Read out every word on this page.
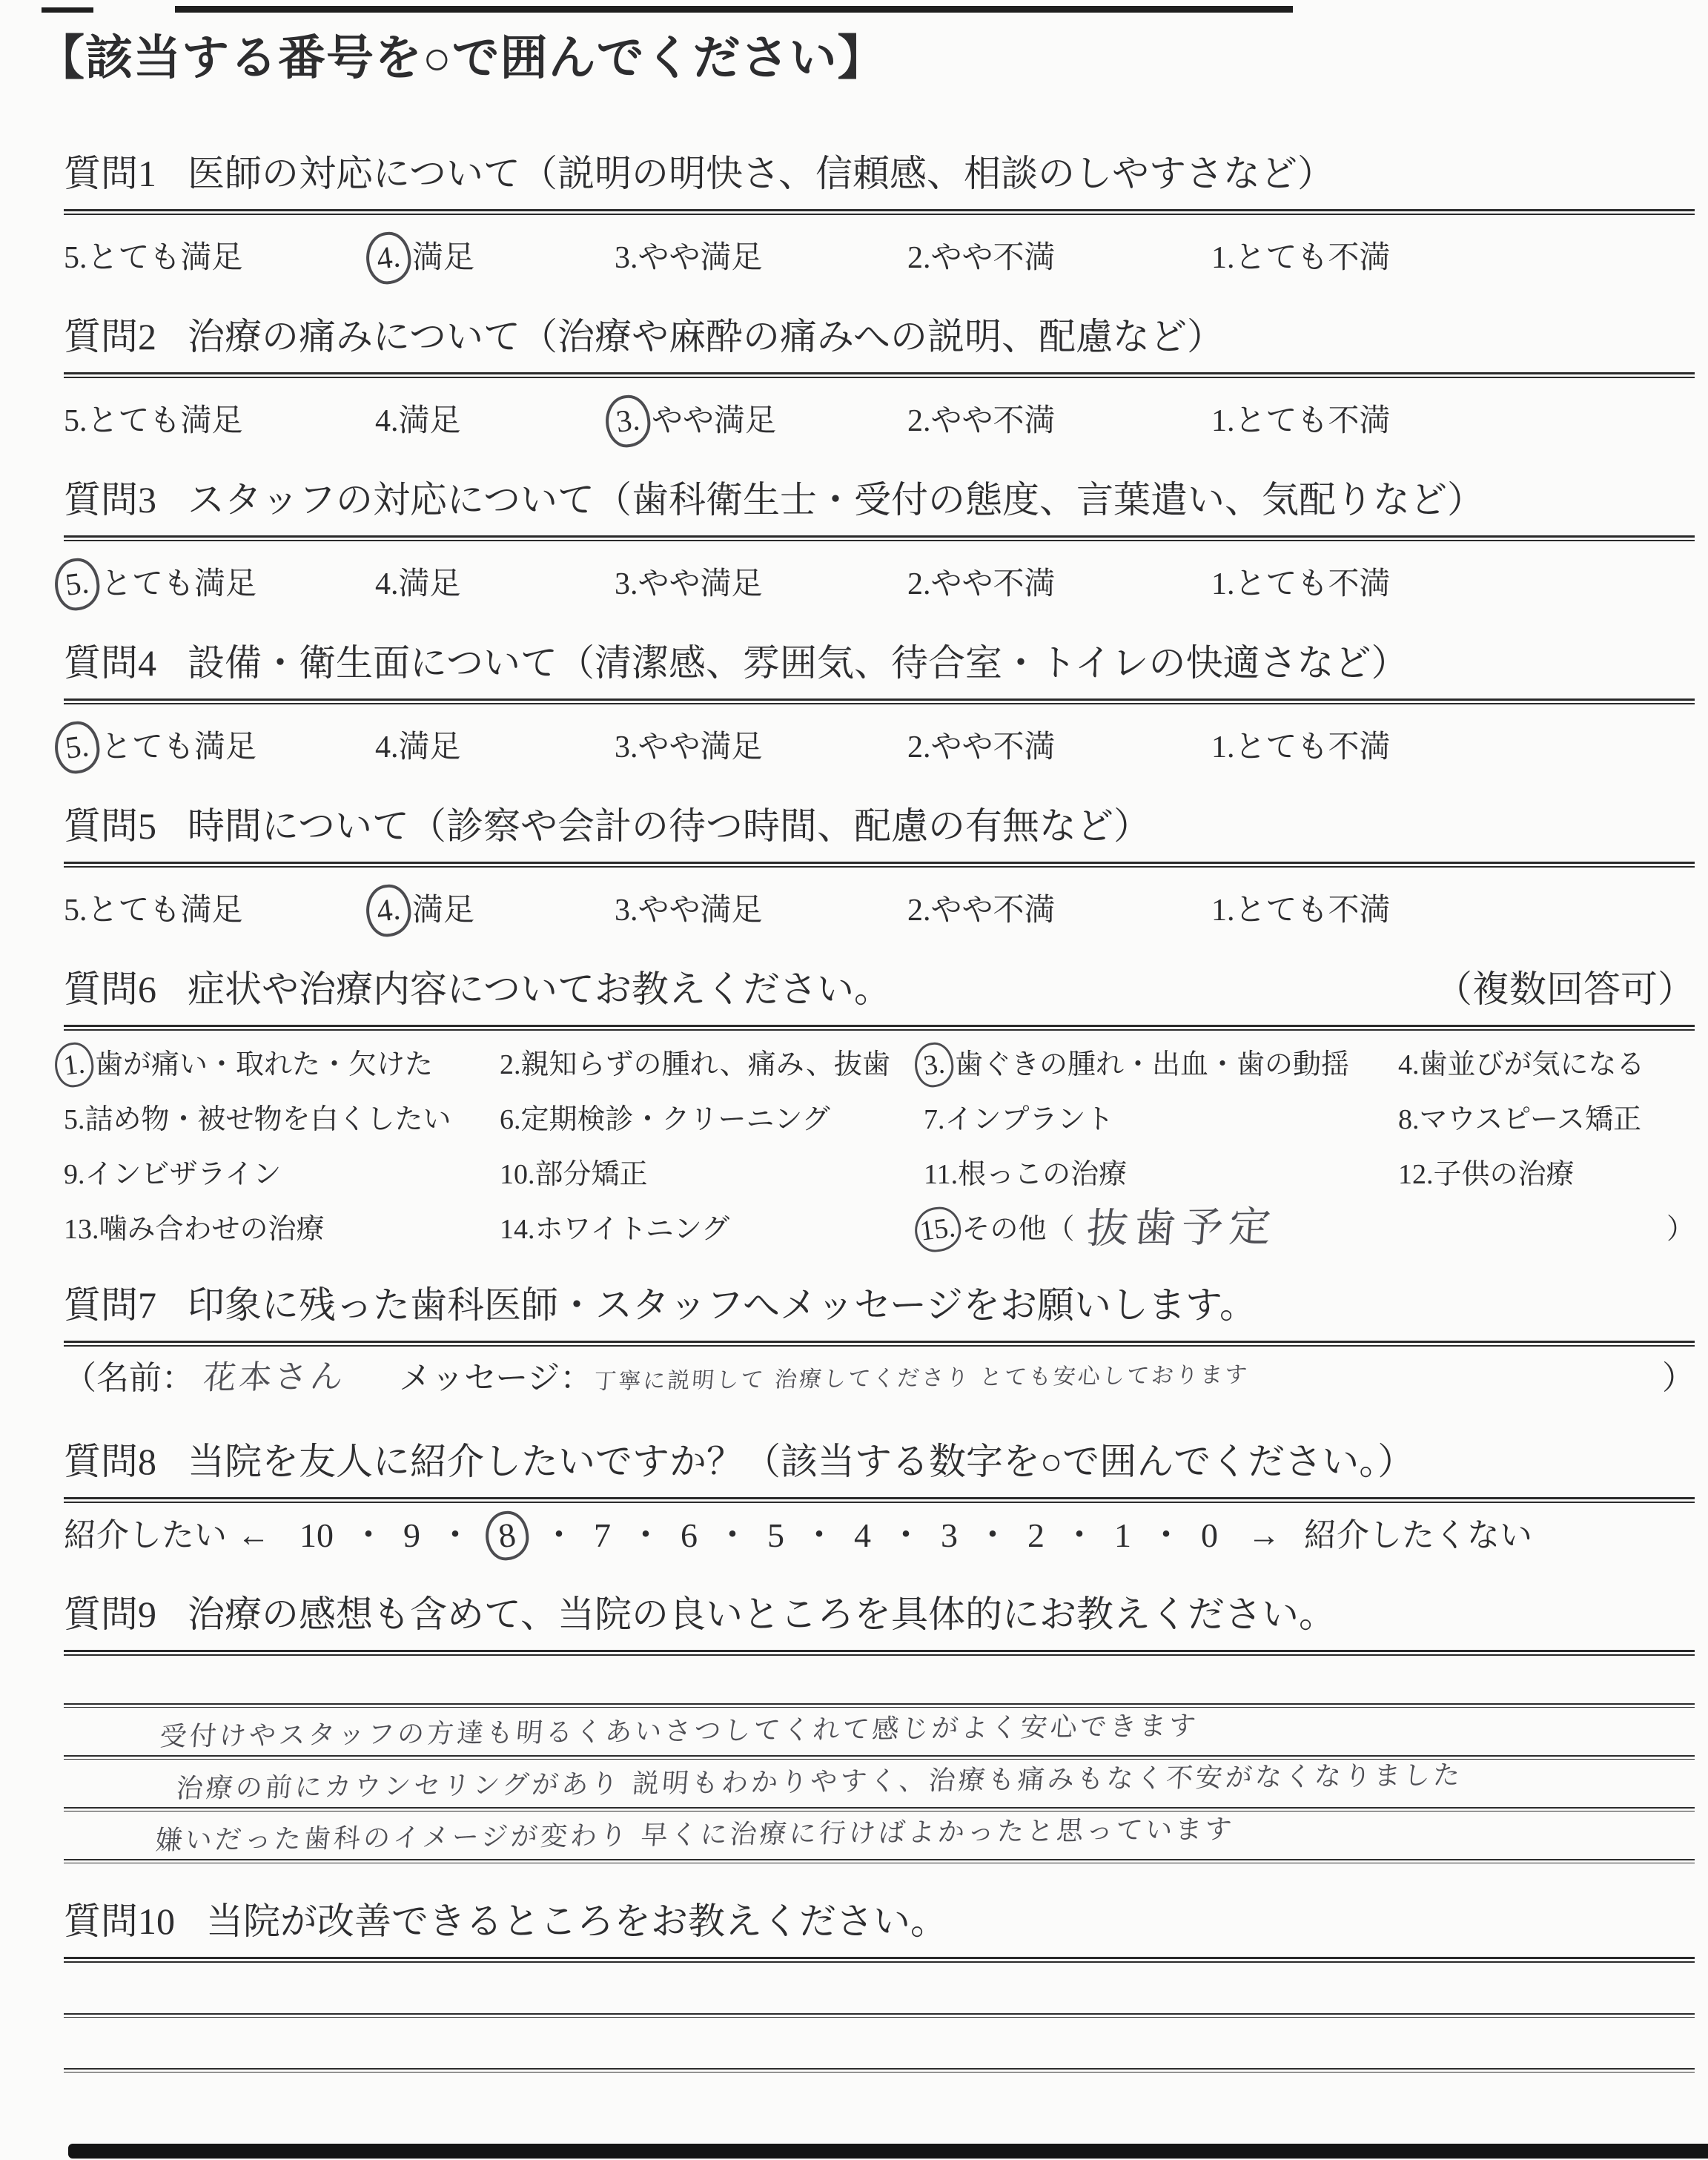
【該当する番号を○で囲んでください】
質問1 医師の対応について（説明の明快さ、信頼感、相談のしやすさなど）
5. とても満足	4. 満足	3. やや満足	2. やや不満	1. とても不満
質問2 治療の痛みについて（治療や麻酔の痛みへの説明、配慮など）
5. とても満足	4. 満足	3. やや満足	2. やや不満	1. とても不満
質問3 スタッフの対応について（歯科衛生士・受付の態度、言葉遣い、気配りなど）
5. とても満足	4. 満足	3. やや満足	2. やや不満	1. とても不満
質問4 設備・衛生面について（清潔感、雰囲気、待合室・トイレの快適さなど）
5. とても満足	4. 満足	3. やや満足	2. やや不満	1. とても不満
質問5 時間について（診察や会計の待つ時間、配慮の有無など）
5. とても満足	4. 満足	3. やや満足	2. やや不満	1. とても不満
質問6 症状や治療内容についてお教えください。	（複数回答可）
1. 歯が痛い・取れた・欠けた 2. 親知らずの腫れ、痛み、抜歯	3. 歯ぐきの腫れ・出血・歯の動揺 4. 歯並びが気になる
5. 詰め物・被せ物を白くしたい 6. 定期検診・クリーニング	7. インプラント	8. マウスピース矯正
9. インビザライン	10. 部分矯正	11. 根っこの治療	12. 子供の治療
13. 噛み合わせの治療	14. ホワイトニング	15. その他（ 抜歯予定	）
質問7 印象に残った歯科医師・スタッフへメッセージをお願いします。
（名前： 花本さん メッセージ： 丁寧に説明して 治療してくださり とても安心しております	）
質問8 当院を友人に紹介したいですか？（該当する数字を○で囲んでください。）
紹介したい ← 10 ・ 9 ・ 8 ・ 7 ・ 6 ・ 5 ・ 4 ・ 3 ・ 2 ・ 1 ・ 0 → 紹介したくない
質問9 治療の感想も含めて、当院の良いところを具体的にお教えください。
受付けやスタッフの方達も明るくあいさつしてくれて感じがよく安心できます
治療の前にカウンセリングがあり 説明もわかりやすく、治療も痛みもなく不安がなくなりました
嫌いだった歯科のイメージが変わり 早くに治療に行けばよかったと思っています
質問10 当院が改善できるところをお教えください。
